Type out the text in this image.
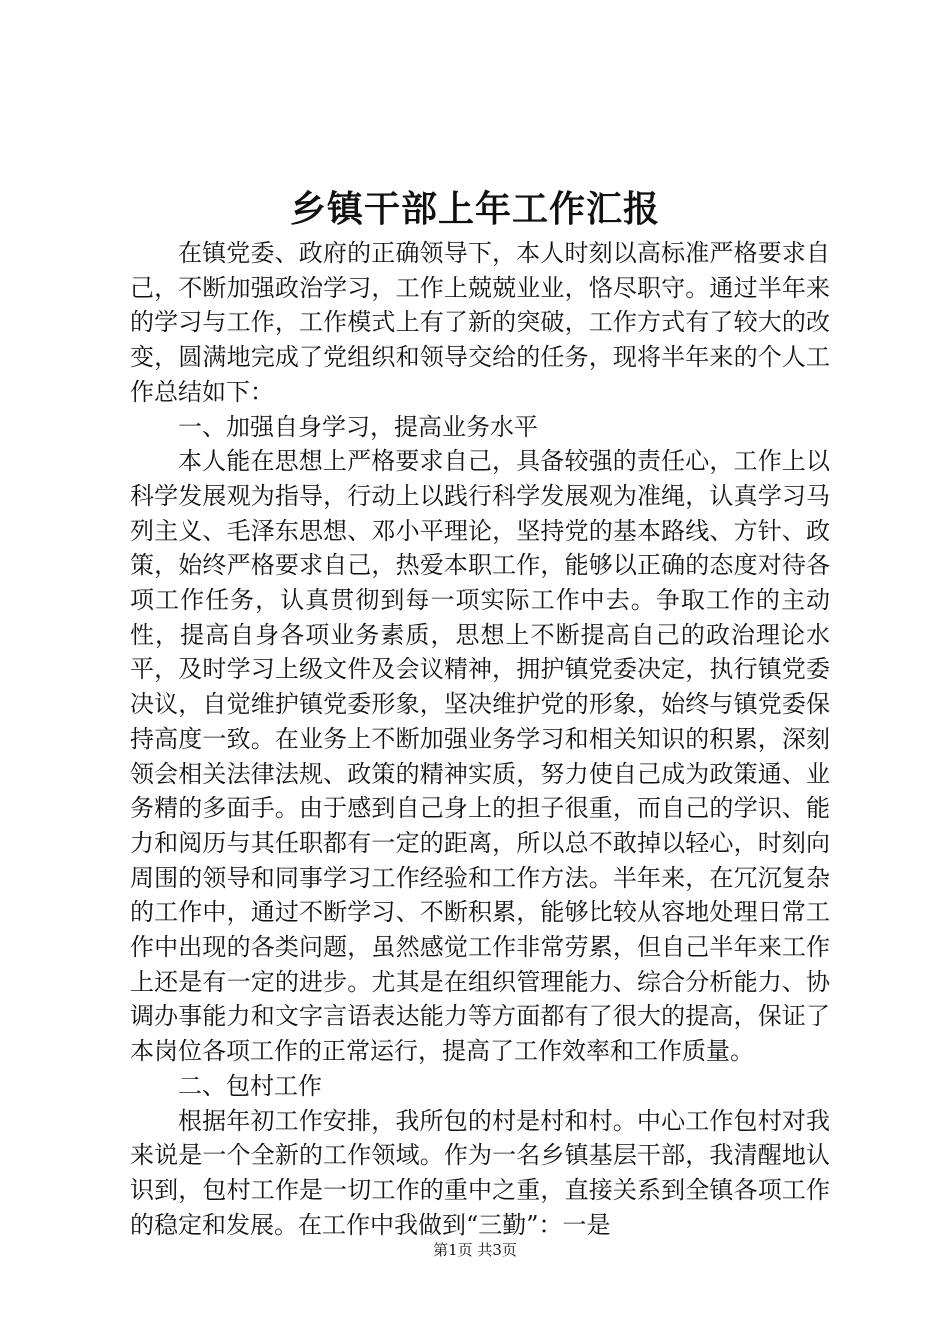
乡镇干部上年工作汇报

在镇党委、政府的正确领导下，本人时刻以高标准严格要求自己，不断加强政治学习，工作上兢兢业业，恪尽职守。通过半年来的学习与工作，工作模式上有了新的突破，工作方式有了较大的改变，圆满地完成了党组织和领导交给的任务，现将半年来的个人工作总结如下：

一、加强自身学习，提高业务水平

本人能在思想上严格要求自己，具备较强的责任心，工作上以科学发展观为指导，行动上以践行科学发展观为准绳，认真学习马列主义、毛泽东思想、邓小平理论，坚持党的基本路线、方针、政策，始终严格要求自己，热爱本职工作，能够以正确的态度对待各项工作任务，认真贯彻到每一项实际工作中去。争取工作的主动性，提高自身各项业务素质，思想上不断提高自己的政治理论水平，及时学习上级文件及会议精神，拥护镇党委决定，执行镇党委决议，自觉维护镇党委形象，坚决维护党的形象，始终与镇党委保持高度一致。在业务上不断加强业务学习和相关知识的积累，深刻领会相关法律法规、政策的精神实质，努力使自己成为政策通、业务精的多面手。由于感到自己身上的担子很重，而自己的学识、能力和阅历与其任职都有一定的距离，所以总不敢掉以轻心，时刻向周围的领导和同事学习工作经验和工作方法。半年来，在冗沉复杂的工作中，通过不断学习、不断积累，能够比较从容地处理日常工作中出现的各类问题，虽然感觉工作非常劳累，但自己半年来工作上还是有一定的进步。尤其是在组织管理能力、综合分析能力、协调办事能力和文字言语表达能力等方面都有了很大的提高，保证了本岗位各项工作的正常运行，提高了工作效率和工作质量。

二、包村工作

根据年初工作安排，我所包的村是村和村。中心工作包村对我来说是一个全新的工作领域。作为一名乡镇基层干部，我清醒地认识到，包村工作是一切工作的重中之重，直接关系到全镇各项工作的稳定和发展。在工作中我做到“三勤”：一是

第1页 共3页
